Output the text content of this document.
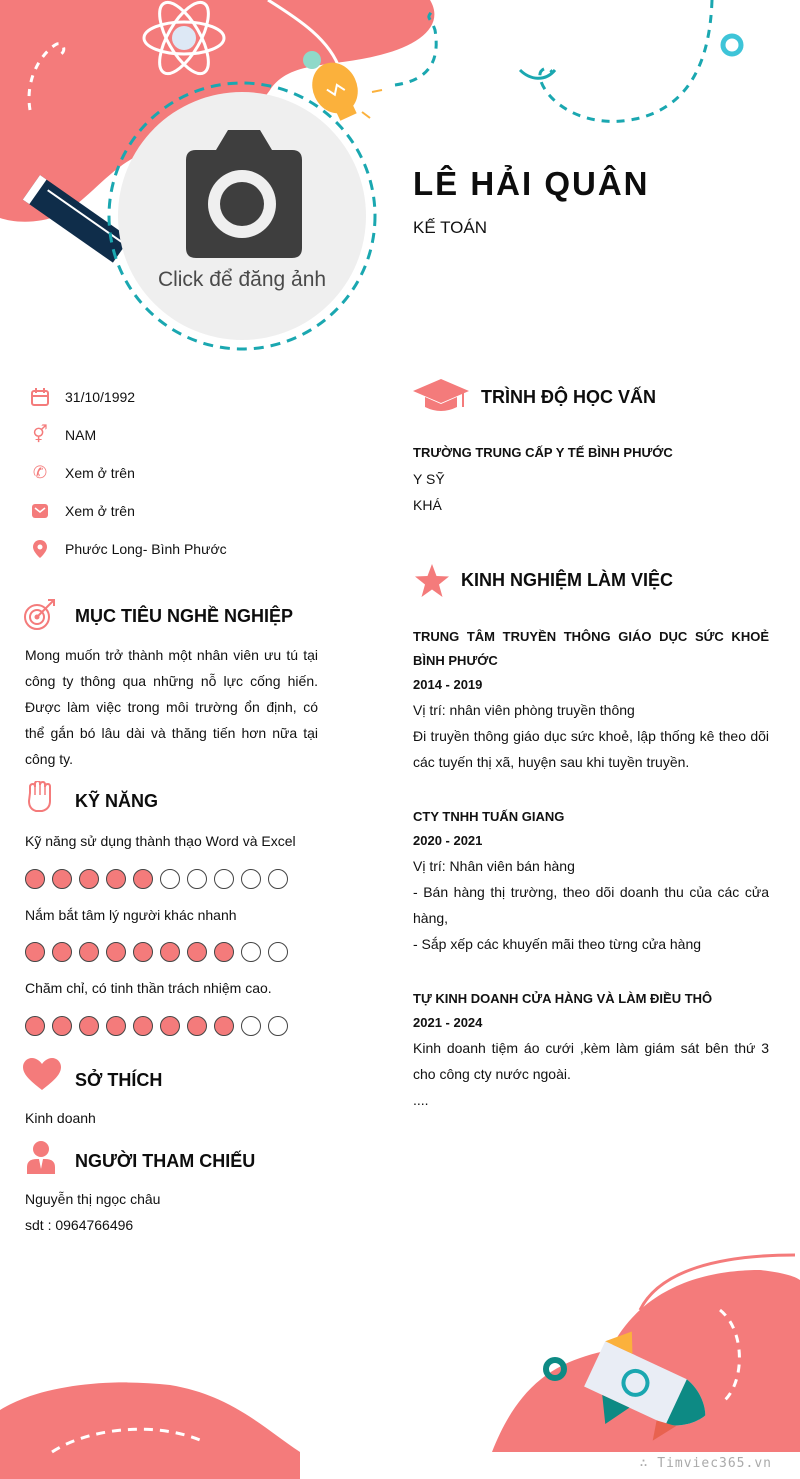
Click để đăng ảnh
LÊ HẢI QUÂN
KẾ TOÁN
31/10/1992
⚥ NAM
✆ Xem ở trên
Xem ở trên
Phước Long- Bình Phước
MỤC TIÊU NGHỀ NGHIỆP
Mong muốn trở thành một nhân viên ưu tú tại công ty thông qua những nỗ lực cống hiến. Được làm việc trong môi trường ổn định, có thể gắn bó lâu dài và thăng tiến hơn nữa tại công ty.
KỸ NĂNG
Kỹ năng sử dụng thành thạo Word và Excel
Nắm bắt tâm lý người khác nhanh
Chăm chỉ, có tinh thần trách nhiệm cao.
SỞ THÍCH
Kinh doanh
NGƯỜI THAM CHIẾU
Nguyễn thị ngọc châu
sdt : 0964766496
TRÌNH ĐỘ HỌC VẤN
TRƯỜNG TRUNG CẤP Y TẾ BÌNH PHƯỚC
Y SỸ
KHÁ
KINH NGHIỆM LÀM VIỆC
TRUNG TÂM TRUYỀN THÔNG GIÁO DỤC SỨC KHOẺ BÌNH PHƯỚC
2014 - 2019
Vị trí: nhân viên phòng truyền thông
Đi truyền thông giáo dục sức khoẻ, lập thống kê theo dõi các tuyến thị xã, huyện sau khi tuyền truyền.
CTY TNHH TUẤN GIANG
2020 - 2021
Vị trí: Nhân viên bán hàng
- Bán hàng thị trường, theo dõi doanh thu của các cửa hàng,
- Sắp xếp các khuyến mãi theo từng cửa hàng
TỰ KINH DOANH CỬA HÀNG VÀ LÀM ĐIỀU THÔ
2021 - 2024
Kinh doanh tiệm áo cưới ,kèm làm giám sát bên thứ 3 cho công cty nước ngoài.
....
∴ Timviec365.vn
